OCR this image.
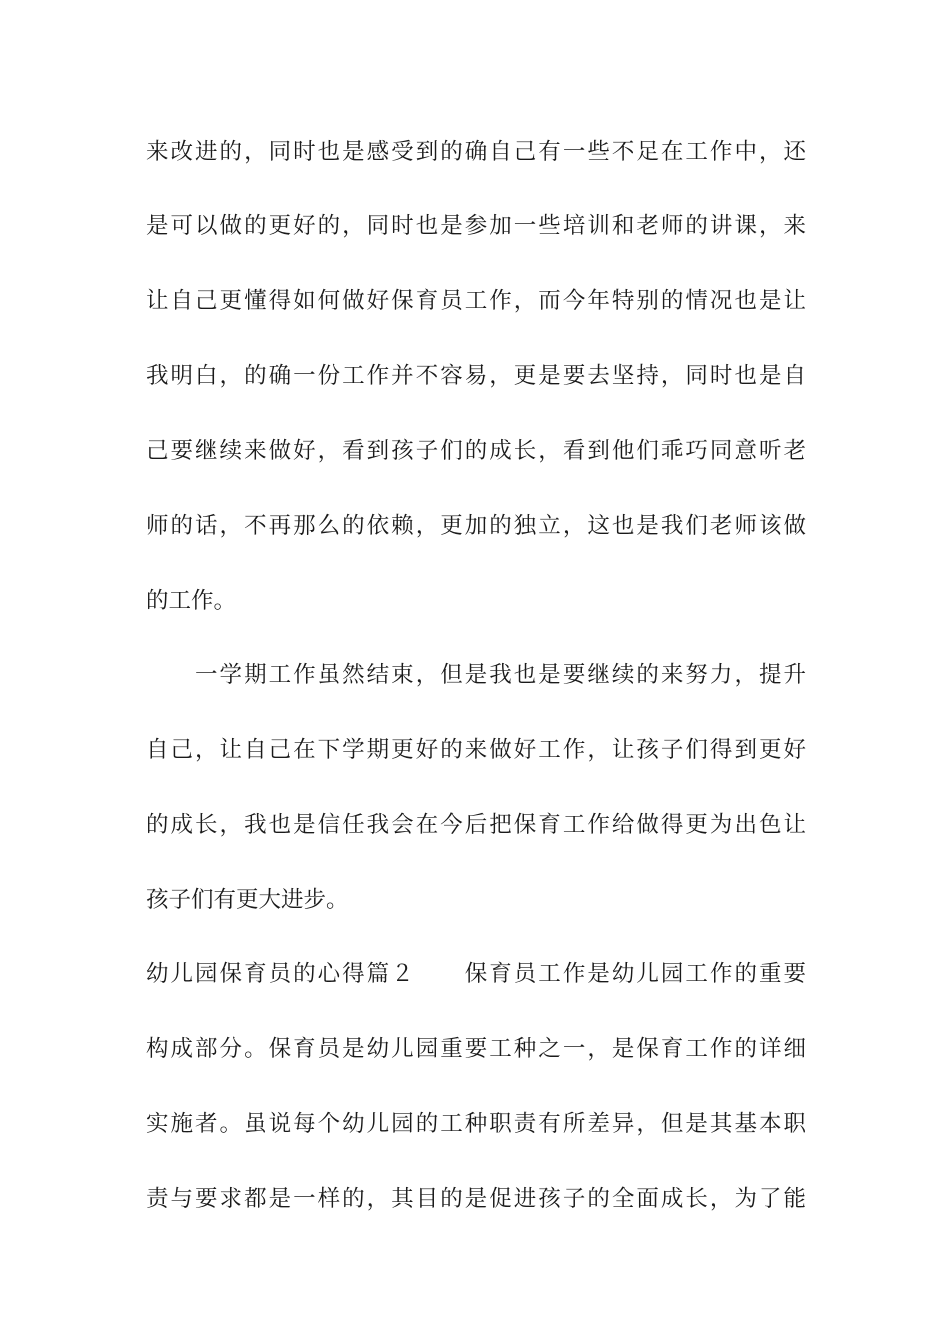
来改进的，同时也是感受到的确自己有一些不足在工作中，还
是可以做的更好的，同时也是参加一些培训和老师的讲课，来
让自己更懂得如何做好保育员工作，而今年特别的情况也是让
我明白，的确一份工作并不容易，更是要去坚持，同时也是自
己要继续来做好，看到孩子们的成长，看到他们乖巧同意听老
师的话，不再那么的依赖，更加的独立，这也是我们老师该做
的工作。
　　一学期工作虽然结束，但是我也是要继续的来努力，提升
自己，让自己在下学期更好的来做好工作，让孩子们得到更好
的成长，我也是信任我会在今后把保育工作给做得更为出色让
孩子们有更大进步。
幼儿园保育员的心得篇２　　保育员工作是幼儿园工作的重要
构成部分。保育员是幼儿园重要工种之一，是保育工作的详细
实施者。虽说每个幼儿园的工种职责有所差异，但是其基本职
责与要求都是一样的，其目的是促进孩子的全面成长，为了能
